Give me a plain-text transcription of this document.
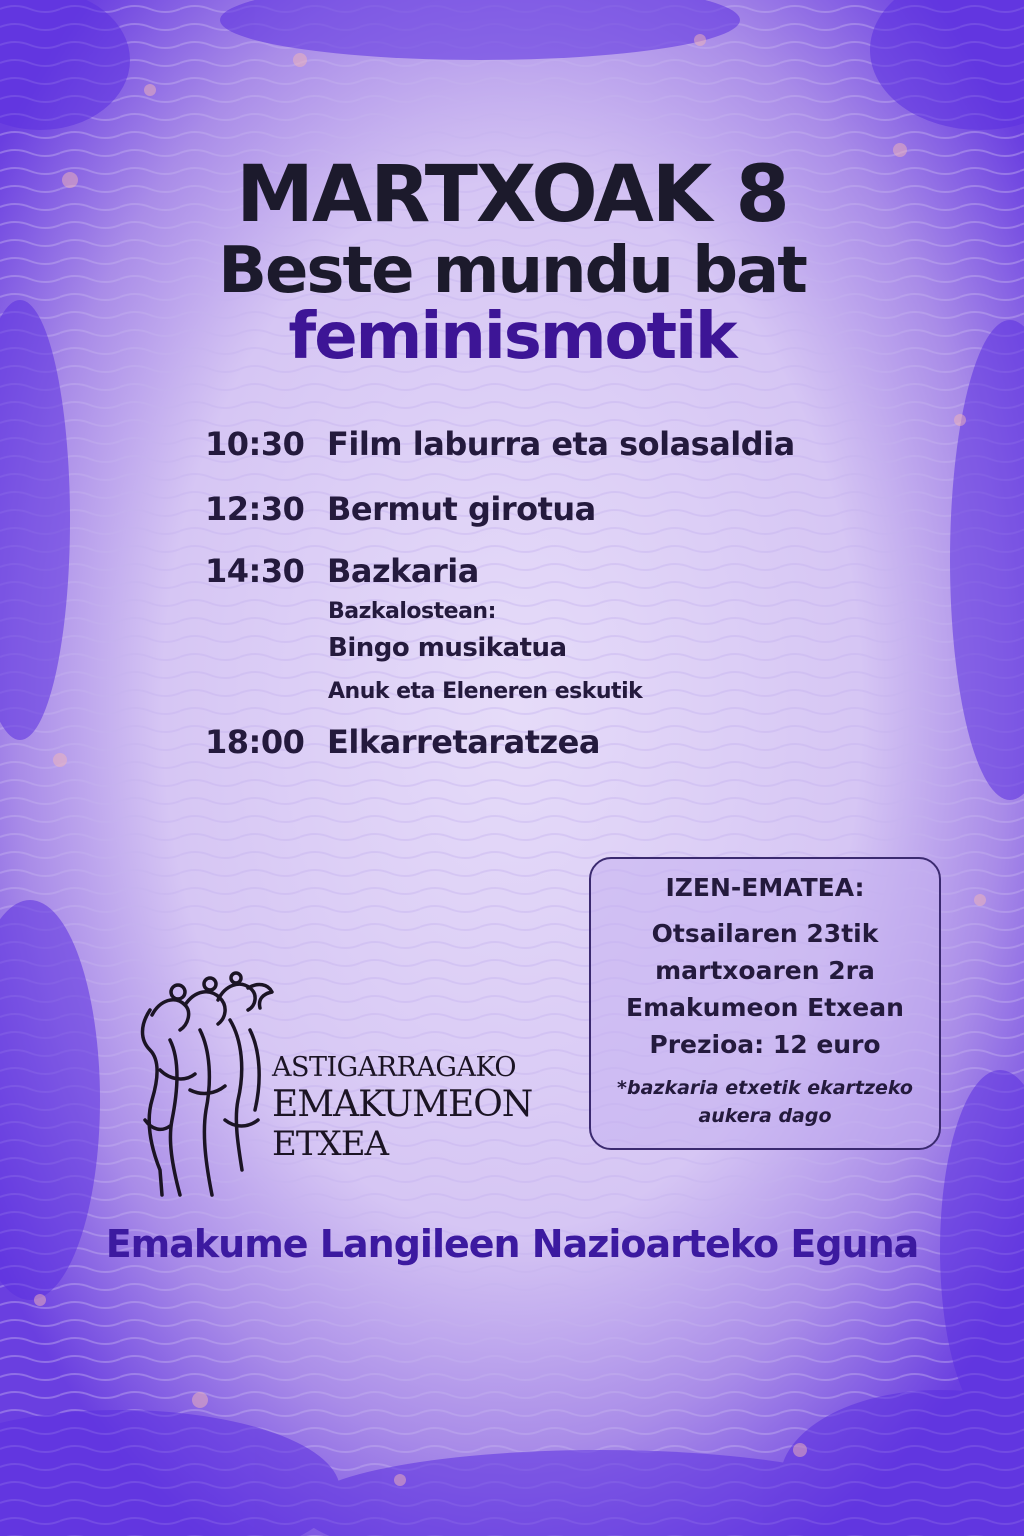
MARTXOAK 8
Beste mundu bat
feminismotik
10:30 Film laburra eta solasaldia
12:30 Bermut girotua
14:30 Bazkaria
Bazkalostean:
Bingo musikatua
Anuk eta Eleneren eskutik
18:00 Elkarretaratzea
IZEN-EMATEA:
Otsailaren 23tik
martxoaren 2ra
Emakumeon Etxean
Prezioa: 12 euro
*bazkaria etxetik ekartzeko
aukera dago
ASTIGARRAGAKO
EMAKUMEON
ETXEA
Emakume Langileen Nazioarteko Eguna
